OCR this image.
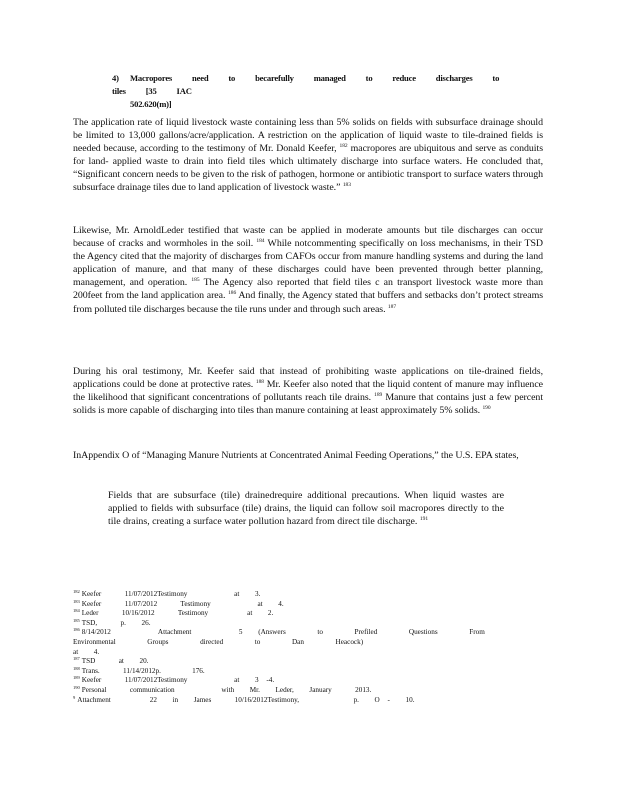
4) Macropores need to becarefully managed to reduce discharges to tiles [35 IAC
502.620(m)]

The application rate of liquid livestock waste containing less than 5% solids on fields with subsurface drainage should be limited to 13,000 gallons/acre/application. A restriction on the application of liquid waste to tile-drained fields is needed because, according to the testimony of Mr. Donald Keefer, $^{182}$ macropores are ubiquitous and serve as conduits for land- applied waste to drain into field tiles which ultimately discharge into surface waters. He concluded that, “Significant concern needs to be given to the risk of pathogen, hormone or antibiotic transport to surface waters through subsurface drainage tiles due to land application of livestock waste.” $^{183}$

Likewise, Mr. ArnoldLeder testified that waste can be applied in moderate amounts but tile discharges can occur because of cracks and wormholes in the soil. $^{184}$ While notcommenting specifically on loss mechanisms, in their TSD the Agency cited that the majority of discharges from CAFOs occur from manure handling systems and during the land application of manure, and that many of these discharges could have been prevented through better planning, management, and operation. $^{185}$ The Agency also reported that field tiles c an transport livestock waste more than 200feet from the land application area. $^{186}$ And finally, the Agency stated that buffers and setbacks don’t protect streams from polluted tile discharges because the tile runs under and through such areas. $^{187}$

During his oral testimony, Mr. Keefer said that instead of prohibiting waste applications on tile-drained fields, applications could be done at protective rates. $^{188}$ Mr. Keefer also noted that the liquid content of manure may influence the likelihood that significant concentrations of pollutants reach tile drains. $^{189}$ Manure that contains just a few percent solids is more capable of discharging into tiles than manure containing at least approximately 5% solids. $^{190}$

InAppendix O of “Managing Manure Nutrients at Concentrated Animal Feeding Operations,” the U.S. EPA states,

Fields that are subsurface (tile) drainedrequire additional precautions. When liquid wastes are applied to fields with subsurface (tile) drains, the liquid can follow soil macropores directly to the tile drains, creating a surface water pollution hazard from direct tile discharge. $^{191}$

$^{182}$ Keefer   11/07/2012Testimony      at  3.
$^{183}$ Keefer   11/07/2012   Testimony      at  4.
$^{184}$ Leder   10/16/2012   Testimony     at  2.
$^{185}$ TSD,   p.  26.
$^{186}$ 8/14/2012   Attachment   5 (Answers  to  Prefiled  Questions  From  Environmental  Groups  directed  to  Dan  Heacock)
at  4.
$^{187}$ TSD   at  20.
$^{188}$ Trans.   11/14/2012p.    176.
$^{189}$ Keefer   11/07/2012Testimony      at  3 -4.
$^{190}$ Personal   communication      with  Mr.  Leder,  January   2013.
$^9$ Attachment     22  in  James   10/16/2012Testimony,       p.  O -  10.
